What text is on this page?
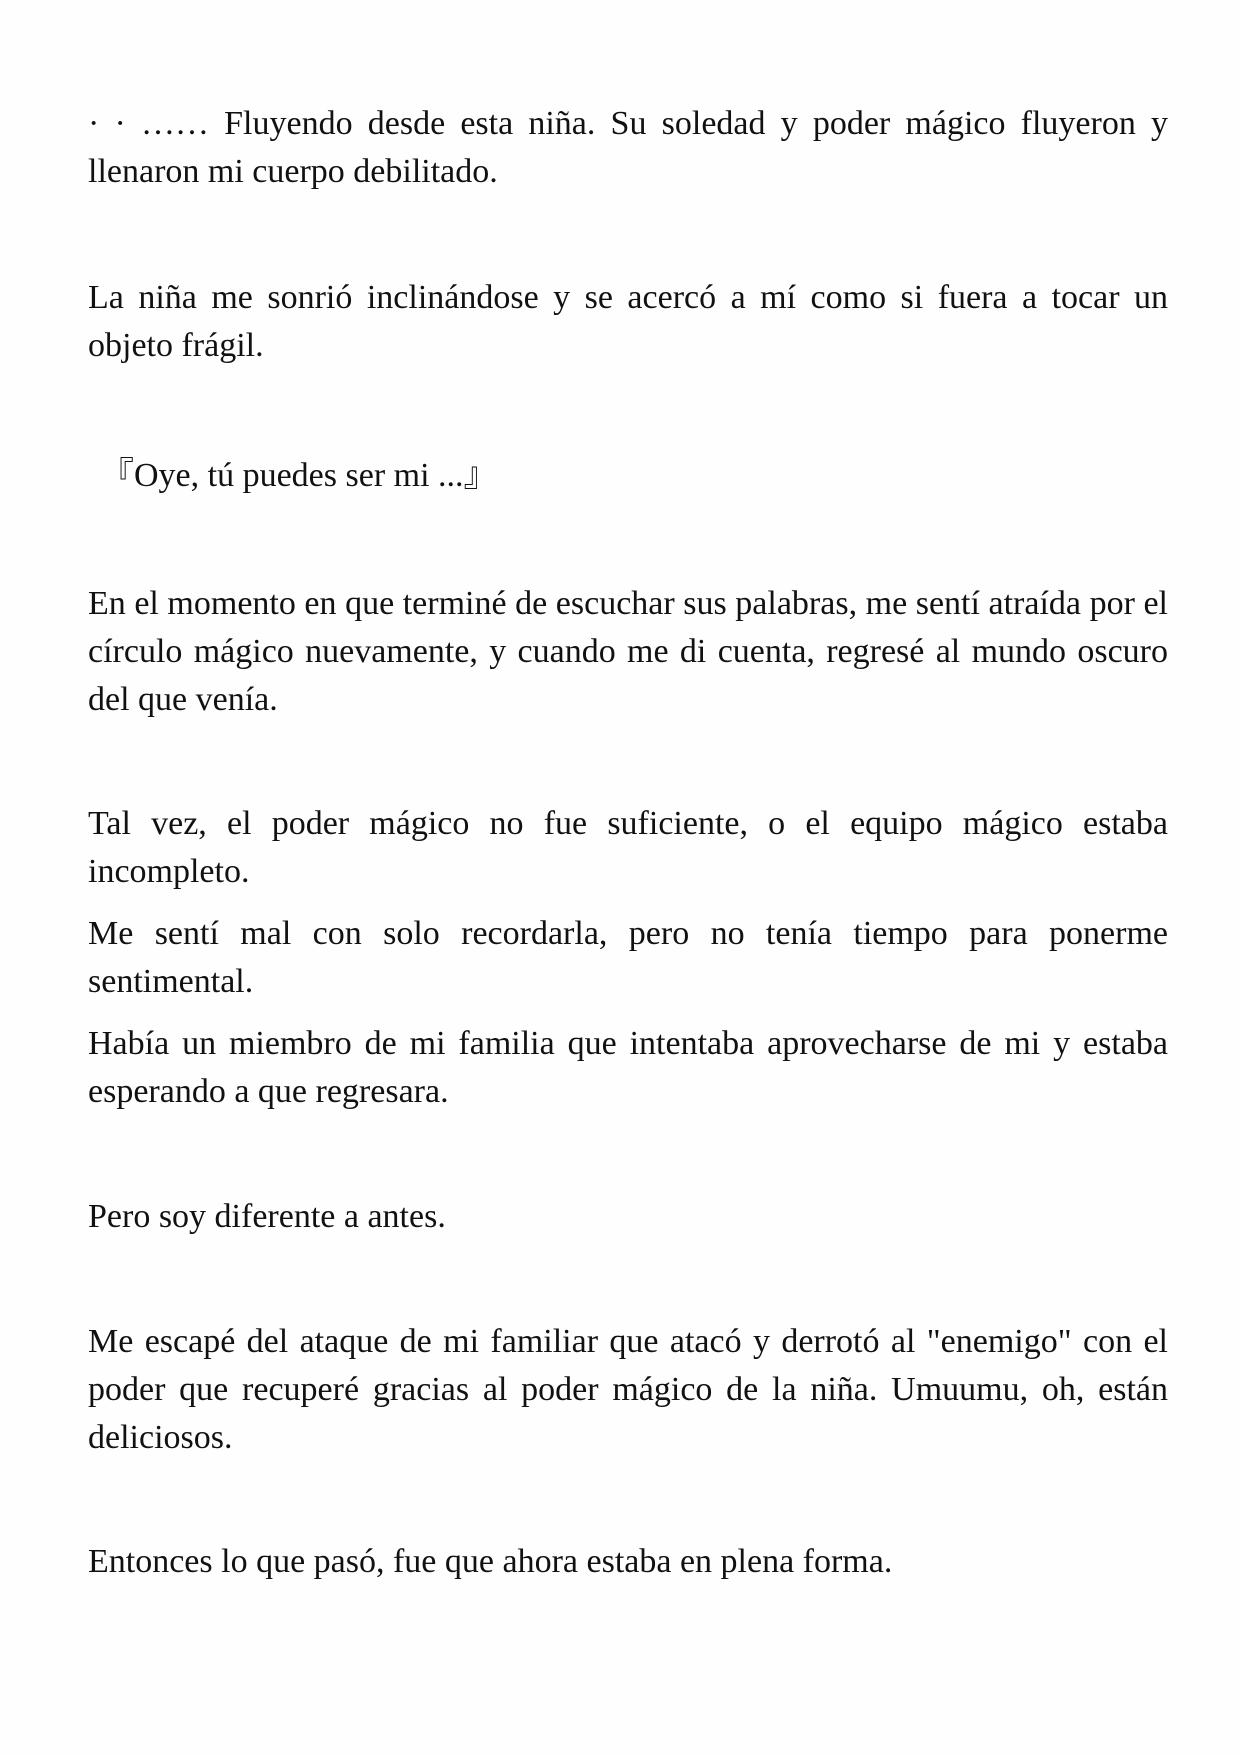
· · …… Fluyendo desde esta niña. Su soledad y poder mágico fluyeron y llenaron mi cuerpo debilitado.

La niña me sonrió inclinándose y se acercó a mí como si fuera a tocar un objeto frágil.

『Oye, tú puedes ser mi ...』

En el momento en que terminé de escuchar sus palabras, me sentí atraída por el círculo mágico nuevamente, y cuando me di cuenta, regresé al mundo oscuro del que venía.

Tal vez, el poder mágico no fue suficiente, o el equipo mágico estaba incompleto.

Me sentí mal con solo recordarla, pero no tenía tiempo para ponerme sentimental.

Había un miembro de mi familia que intentaba aprovecharse de mi y estaba esperando a que regresara.

Pero soy diferente a antes.

Me escapé del ataque de mi familiar que atacó y derrotó al "enemigo" con el poder que recuperé gracias al poder mágico de la niña. Umuumu, oh, están deliciosos.

Entonces lo que pasó, fue que ahora estaba en plena forma.
